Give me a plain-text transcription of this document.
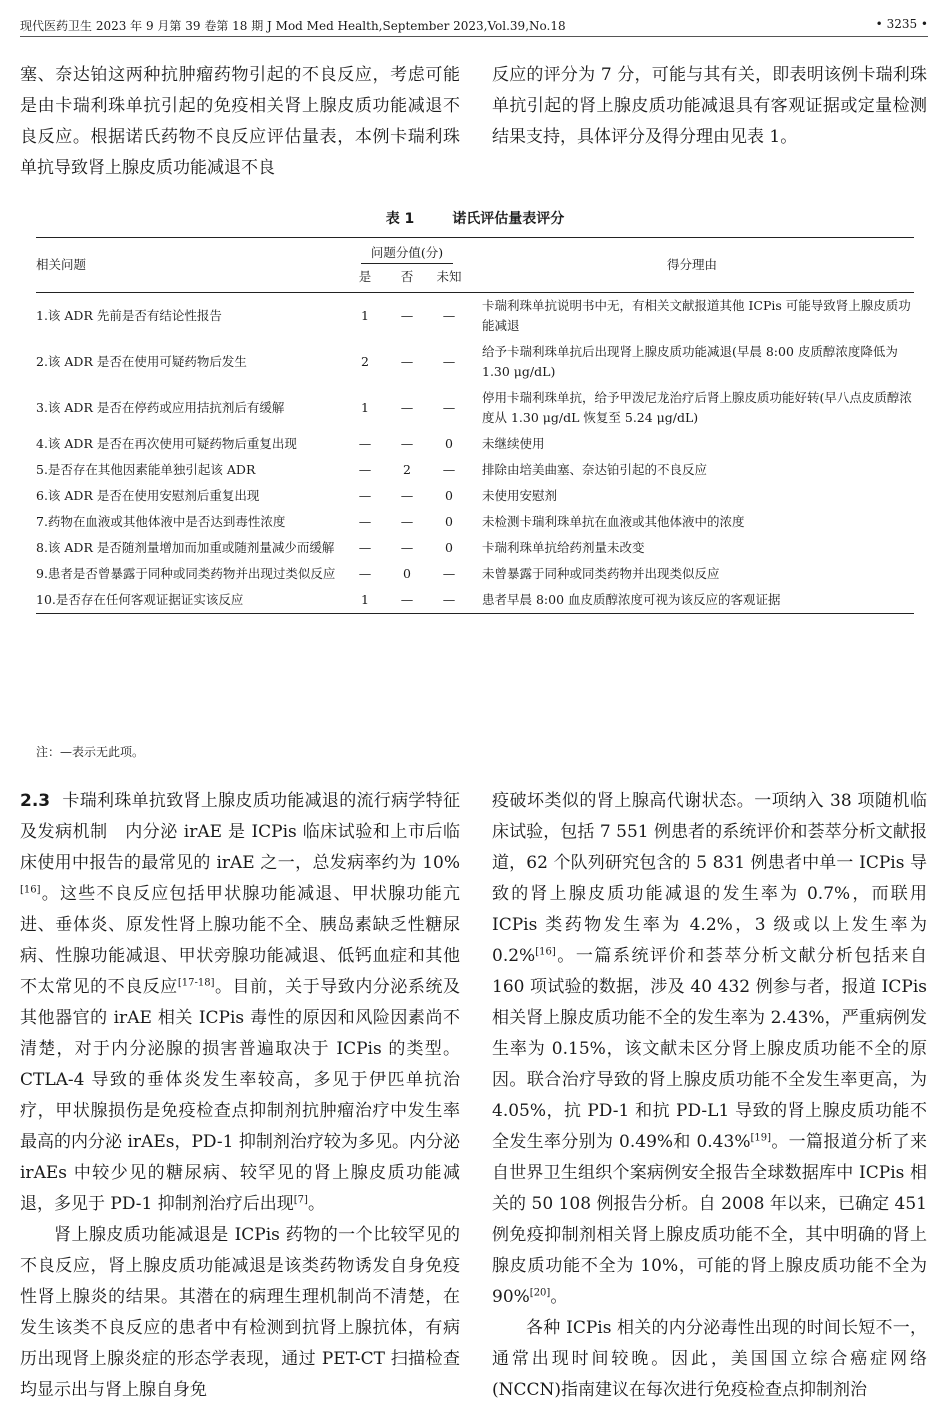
现代医药卫生 2023 年 9 月第 39 卷第 18 期 J Mod Med Health,September 2023,Vol.39,No.18	• 3235 •

塞、奈达铂这两种抗肿瘤药物引起的不良反应，考虑可能是由卡瑞利珠单抗引起的免疫相关肾上腺皮质功能减退不良反应。根据诺氏药物不良反应评估量表，本例卡瑞利珠单抗导致肾上腺皮质功能减退不良

反应的评分为 7 分，可能与其有关，即表明该例卡瑞利珠单抗引起的肾上腺皮质功能减退具有客观证据或定量检测结果支持，具体评分及得分理由见表 1。

表 1	诺氏评估量表评分
相关问题	问题分值(分)			得分理由
	是	否	未知	
1.该 ADR 先前是否有结论性报告	1	—	—	卡瑞利珠单抗说明书中无，有相关文献报道其他 ICPis 可能导致肾上腺皮质功能减退
2.该 ADR 是否在使用可疑药物后发生	2	—	—	给予卡瑞利珠单抗后出现肾上腺皮质功能减退(早晨 8:00 皮质醇浓度降低为 1.30 μg/dL)
3.该 ADR 是否在停药或应用拮抗剂后有缓解	1	—	—	停用卡瑞利珠单抗，给予甲泼尼龙治疗后肾上腺皮质功能好转(早八点皮质醇浓度从 1.30 μg/dL 恢复至 5.24 μg/dL)
4.该 ADR 是否在再次使用可疑药物后重复出现	—	—	0	未继续使用
5.是否存在其他因素能单独引起该 ADR	—	2	—	排除由培美曲塞、奈达铂引起的不良反应
6.该 ADR 是否在使用安慰剂后重复出现	—	—	0	未使用安慰剂
7.药物在血液或其他体液中是否达到毒性浓度	—	—	0	未检测卡瑞利珠单抗在血液或其他体液中的浓度
8.该 ADR 是否随剂量增加而加重或随剂量减少而缓解	—	—	0	卡瑞利珠单抗给药剂量未改变
9.患者是否曾暴露于同种或同类药物并出现过类似反应	—	0	—	未曾暴露于同种或同类药物并出现类似反应
10.是否存在任何客观证据证实该反应	1	—	—	患者早晨 8:00 血皮质醇浓度可视为该反应的客观证据
注：—表示无此项。

2.3 卡瑞利珠单抗致肾上腺皮质功能减退的流行病学特征及发病机制　 内分泌 irAE 是 ICPis 临床试验和上市后临床使用中报告的最常见的 irAE 之一，总发病率约为 10%[16]。这些不良反应包括甲状腺功能减退、甲状腺功能亢进、垂体炎、原发性肾上腺功能不全、胰岛素缺乏性糖尿病、性腺功能减退、甲状旁腺功能减退、低钙血症和其他不太常见的不良反应[17-18]。目前，关于导致内分泌系统及其他器官的 irAE 相关 ICPis 毒性的原因和风险因素尚不清楚，对于内分泌腺的损害普遍取决于 ICPis 的类型。CTLA-4 导致的垂体炎发生率较高，多见于伊匹单抗治疗，甲状腺损伤是免疫检查点抑制剂抗肿瘤治疗中发生率最高的内分泌 irAEs，PD-1 抑制剂治疗较为多见。内分泌 irAEs 中较少见的糖尿病、较罕见的肾上腺皮质功能减退，多见于 PD-1 抑制剂治疗后出现[7]。

肾上腺皮质功能减退是 ICPis 药物的一个比较罕见的不良反应，肾上腺皮质功能减退是该类药物诱发自身免疫性肾上腺炎的结果。其潜在的病理生理机制尚不清楚，在发生该类不良反应的患者中有检测到抗肾上腺抗体，有病历出现肾上腺炎症的形态学表现，通过 PET-CT 扫描检查均显示出与肾上腺自身免

疫破坏类似的肾上腺高代谢状态。一项纳入 38 项随机临床试验，包括 7 551 例患者的系统评价和荟萃分析文献报道，62 个队列研究包含的 5 831 例患者中单一 ICPis 导致的肾上腺皮质功能减退的发生率为 0.7%，而联用 ICPis 类药物发生率为 4.2%，3 级或以上发生率为 0.2%[16]。一篇系统评价和荟萃分析文献分析包括来自 160 项试验的数据，涉及 40 432 例参与者，报道 ICPis 相关肾上腺皮质功能不全的发生率为 2.43%，严重病例发生率为 0.15%，该文献未区分肾上腺皮质功能不全的原因。联合治疗导致的肾上腺皮质功能不全发生率更高，为 4.05%，抗 PD-1 和抗 PD-L1 导致的肾上腺皮质功能不全发生率分别为 0.49%和 0.43%[19]。一篇报道分析了来自世界卫生组织个案病例安全报告全球数据库中 ICPis 相关的 50 108 例报告分析。自 2008 年以来，已确定 451 例免疫抑制剂相关肾上腺皮质功能不全，其中明确的肾上腺皮质功能不全为 10%，可能的肾上腺皮质功能不全为 90%[20]。

各种 ICPis 相关的内分泌毒性出现的时间长短不一，通常出现时间较晚。因此，美国国立综合癌症网络(NCCN)指南建议在每次进行免疫检查点抑制剂治
